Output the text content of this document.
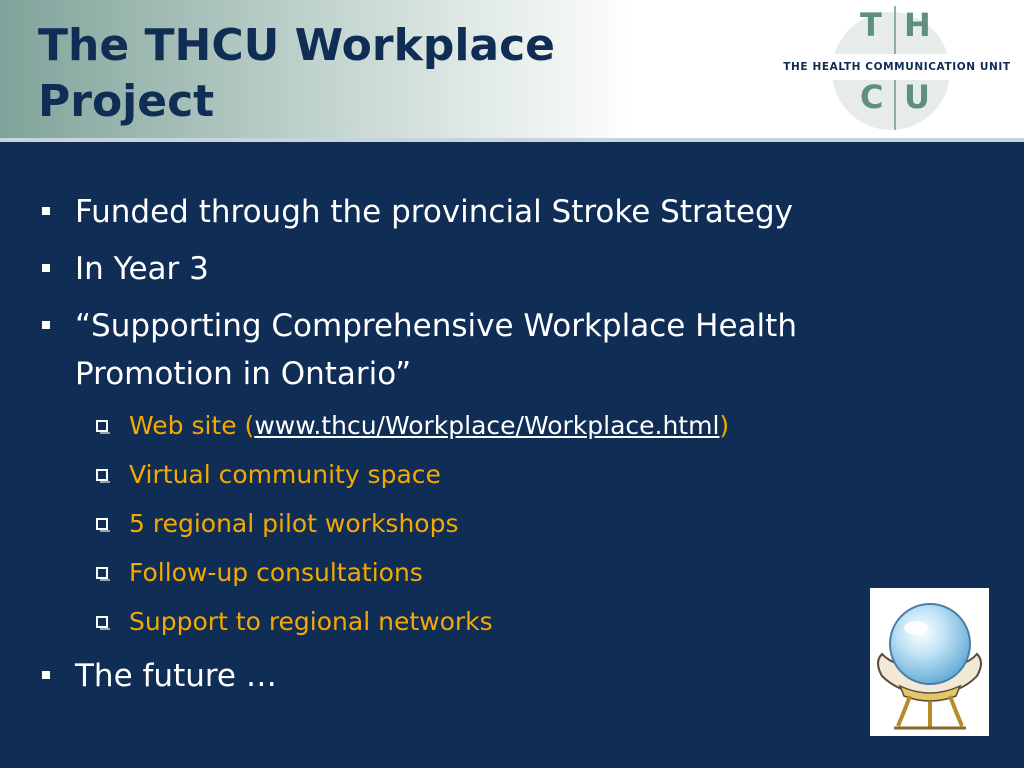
The THCU Workplace
Project
T H
THE HEALTH COMMUNICATION UNIT
C U
Funded through the provincial Stroke Strategy
In Year 3
“Supporting Comprehensive Workplace Health Promotion in Ontario”
Web site (www.thcu/Workplace/Workplace.html)
Virtual community space
5 regional pilot workshops
Follow-up consultations
Support to regional networks
The future …
